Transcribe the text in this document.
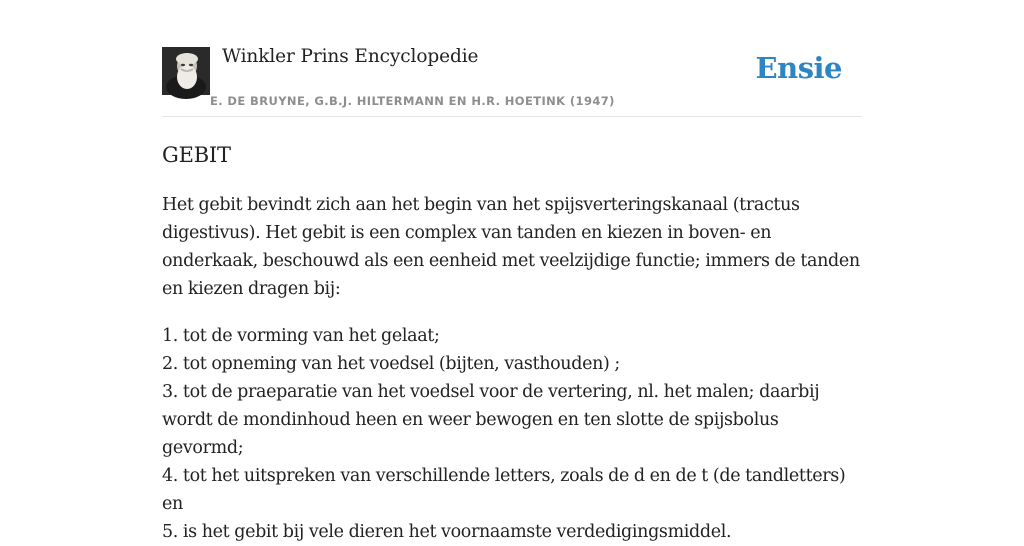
Winkler Prins Encyclopedie
E. DE BRUYNE, G.B.J. HILTERMANN EN H.R. HOETINK (1947)
Ensie
GEBIT

Het gebit bevindt zich aan het begin van het spijsverteringskanaal (tractus digestivus). Het gebit is een complex van tanden en kiezen in boven- en onderkaak, beschouwd als een eenheid met veelzijdige functie; immers de tanden en kiezen dragen bij:

1. tot de vorming van het gelaat;
2. tot opneming van het voedsel (bijten, vasthouden) ;
3. tot de praeparatie van het voedsel voor de vertering, nl. het malen; daarbij wordt de mondinhoud heen en weer bewogen en ten slotte de spijsbolus gevormd;
4. tot het uitspreken van verschillende letters, zoals de d en de t (de tandletters) en
5. is het gebit bij vele dieren het voornaamste verdedigingsmiddel.
